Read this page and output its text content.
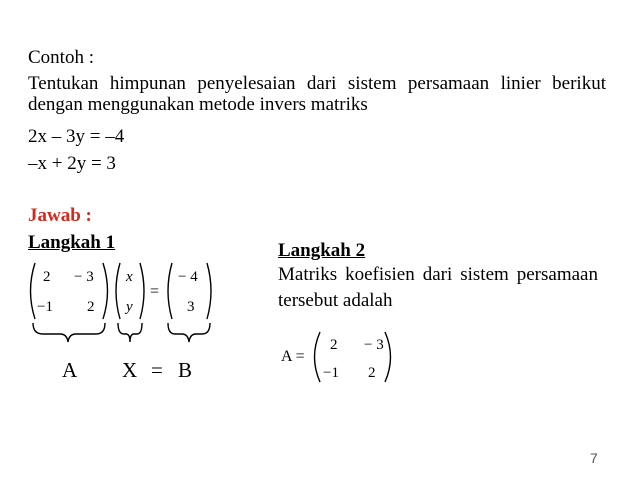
Contoh :
Tentukan himpunan penyelesaian dari sistem persamaan linier berikut dengan menggunakan metode invers matriks
2x – 3y = –4
–x + 2y = 3
Jawab :
Langkah 1
2 − 3
−1 2
x
y
=
− 4
3
A X = B
Langkah 2
Matriks koefisien dari sistem persamaan tersebut adalah
A =
2 − 3
−1 2
7
